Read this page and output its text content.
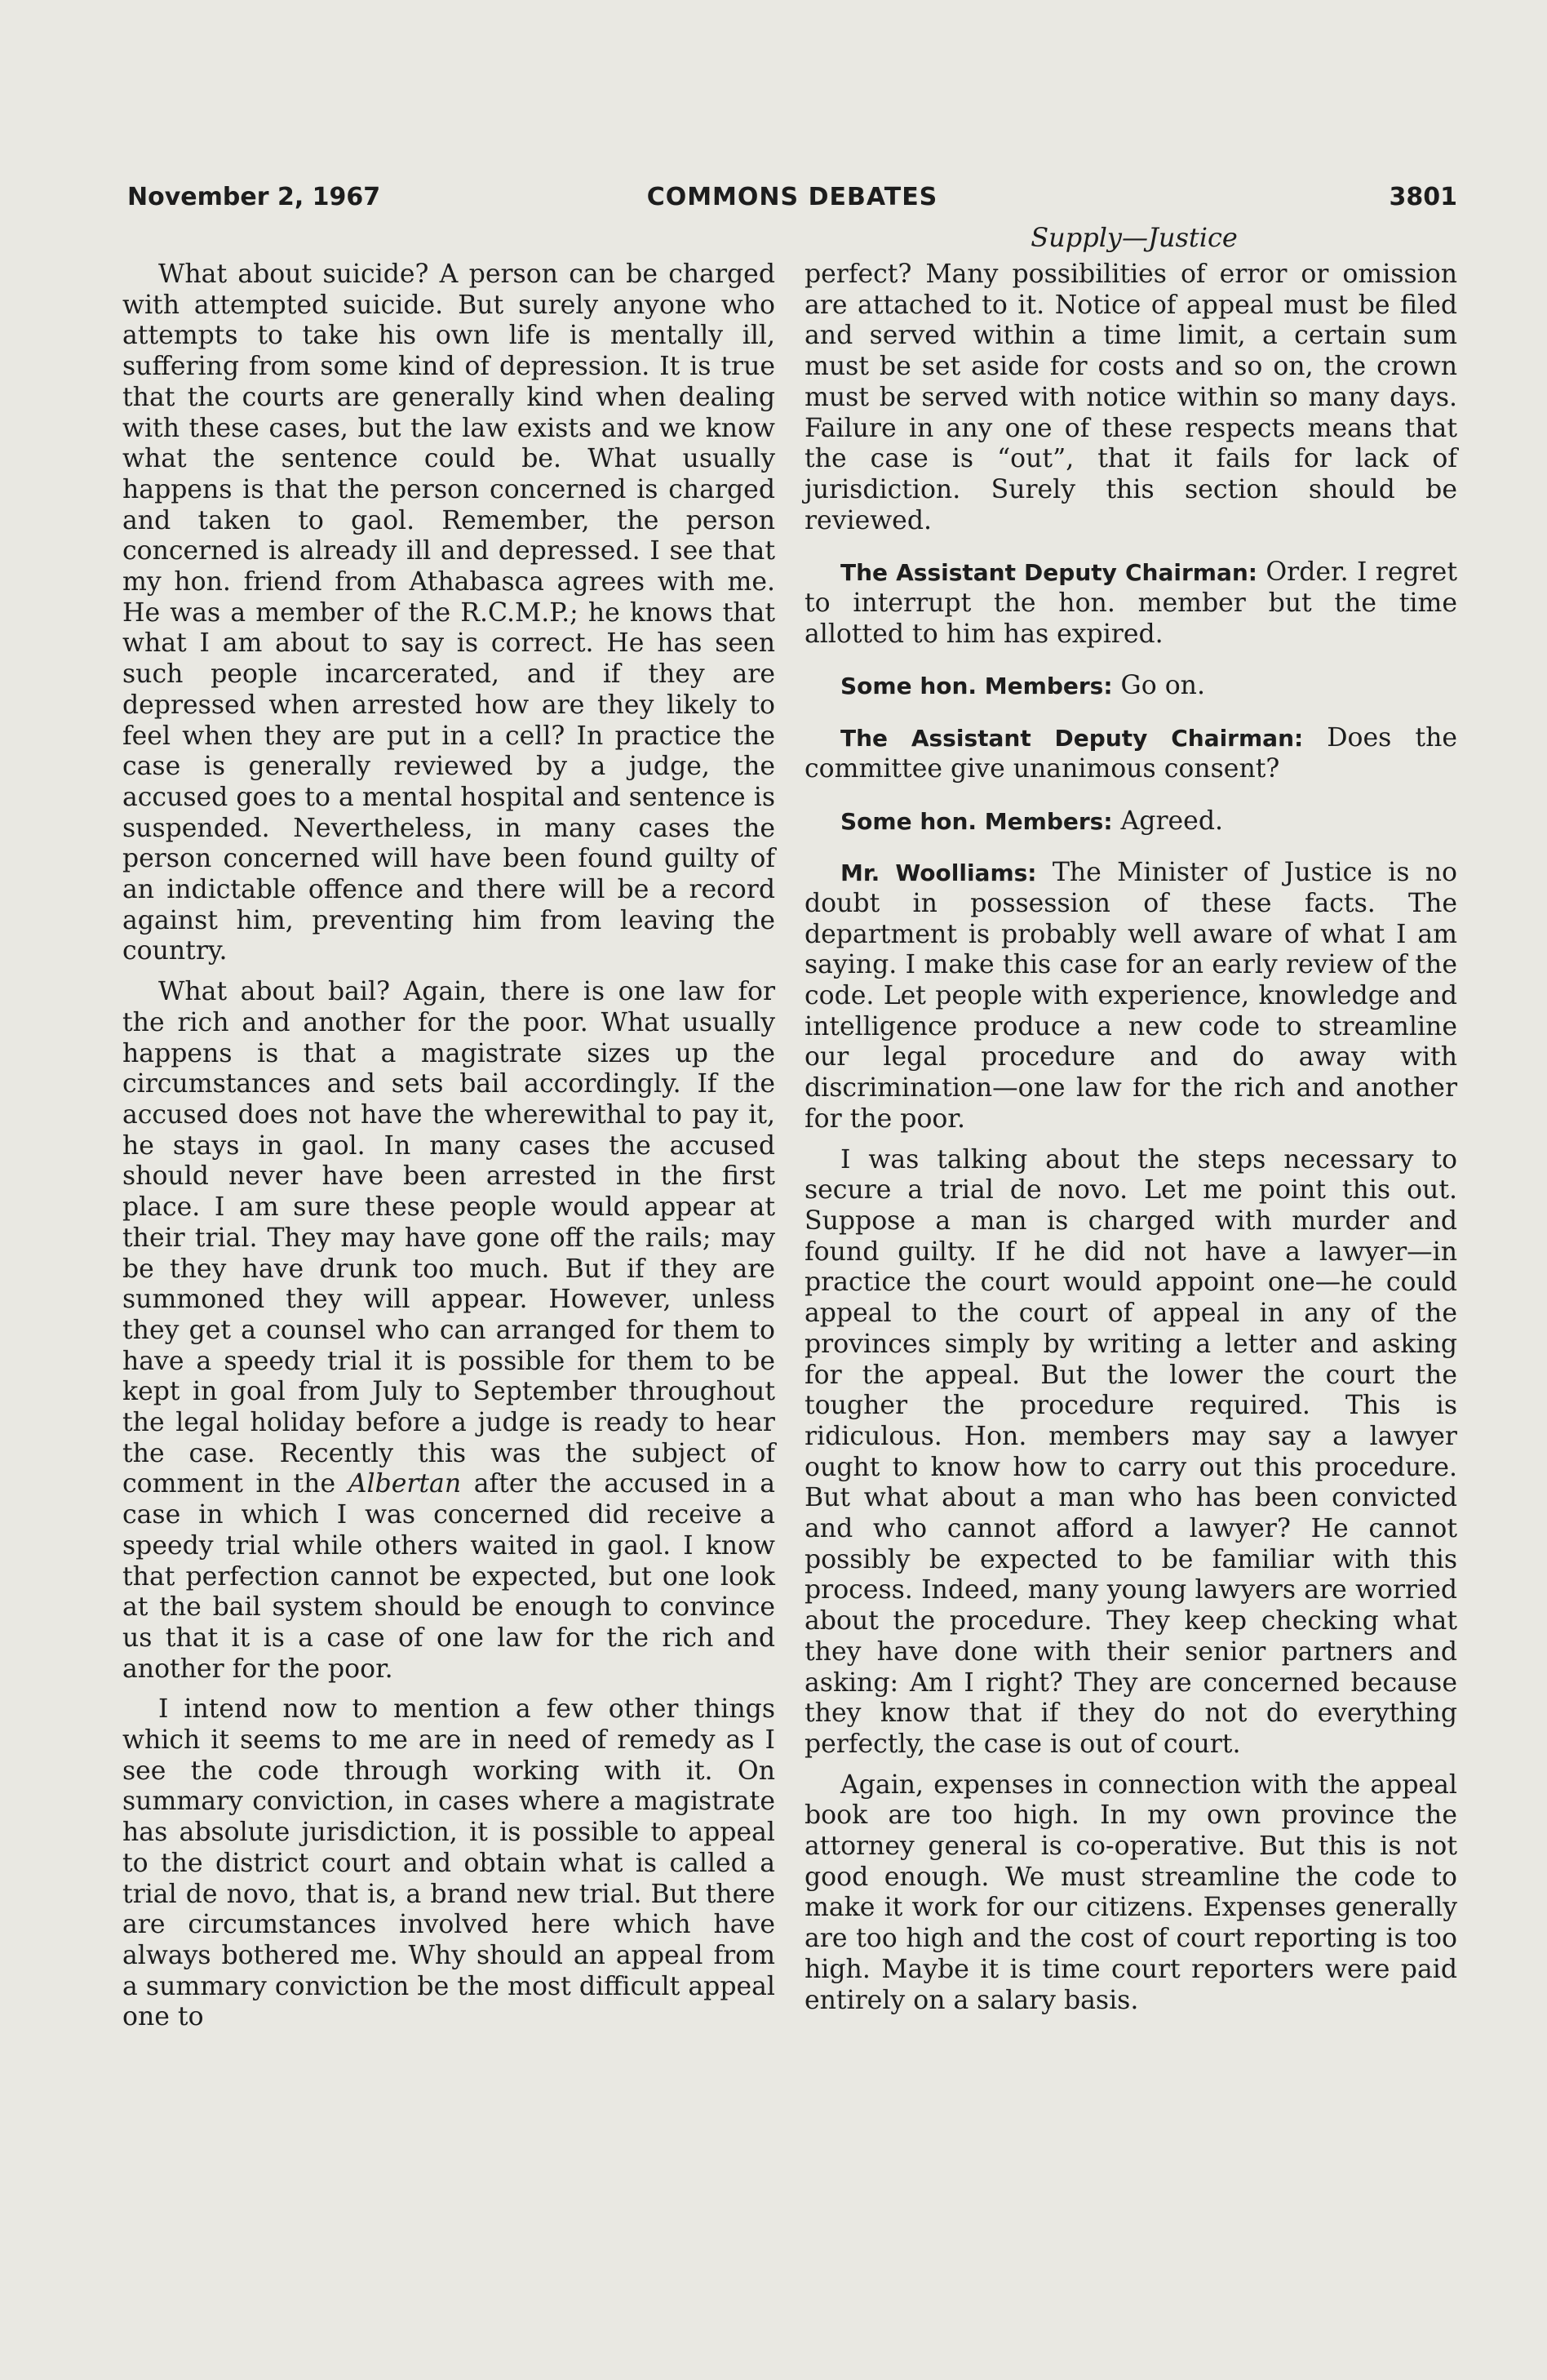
November 2, 1967	COMMONS DEBATES	3801
Supply—Justice

What about suicide? A person can be charged with attempted suicide. But surely anyone who attempts to take his own life is mentally ill, suffering from some kind of depression. It is true that the courts are generally kind when dealing with these cases, but the law exists and we know what the sentence could be. What usually happens is that the person concerned is charged and taken to gaol. Remember, the person concerned is already ill and depressed. I see that my hon. friend from Athabasca agrees with me. He was a member of the R.C.M.P.; he knows that what I am about to say is correct. He has seen such people incarcerated, and if they are depressed when arrested how are they likely to feel when they are put in a cell? In practice the case is generally reviewed by a judge, the accused goes to a mental hospital and sentence is suspended. Nevertheless, in many cases the person concerned will have been found guilty of an indictable offence and there will be a record against him, preventing him from leaving the country.

What about bail? Again, there is one law for the rich and another for the poor. What usually happens is that a magistrate sizes up the circumstances and sets bail accordingly. If the accused does not have the wherewithal to pay it, he stays in gaol. In many cases the accused should never have been arrested in the first place. I am sure these people would appear at their trial. They may have gone off the rails; may be they have drunk too much. But if they are summoned they will appear. However, unless they get a counsel who can arranged for them to have a speedy trial it is possible for them to be kept in goal from July to September throughout the legal holiday before a judge is ready to hear the case. Recently this was the subject of comment in the Albertan after the accused in a case in which I was concerned did receive a speedy trial while others waited in gaol. I know that perfection cannot be expected, but one look at the bail system should be enough to convince us that it is a case of one law for the rich and another for the poor.

I intend now to mention a few other things which it seems to me are in need of remedy as I see the code through working with it. On summary conviction, in cases where a magistrate has absolute jurisdiction, it is possible to appeal to the district court and obtain what is called a trial de novo, that is, a brand new trial. But there are circumstances involved here which have always bothered me. Why should an appeal from a summary conviction be the most difficult appeal one to

perfect? Many possibilities of error or omission are attached to it. Notice of appeal must be filed and served within a time limit, a certain sum must be set aside for costs and so on, the crown must be served with notice within so many days. Failure in any one of these respects means that the case is “out”, that it fails for lack of jurisdiction. Surely this section should be reviewed.

The Assistant Deputy Chairman: Order. I regret to interrupt the hon. member but the time allotted to him has expired.

Some hon. Members: Go on.

The Assistant Deputy Chairman: Does the committee give unanimous consent?

Some hon. Members: Agreed.

Mr. Woolliams: The Minister of Justice is no doubt in possession of these facts. The department is probably well aware of what I am saying. I make this case for an early review of the code. Let people with experience, knowledge and intelligence produce a new code to streamline our legal procedure and do away with discrimination—one law for the rich and another for the poor.

I was talking about the steps necessary to secure a trial de novo. Let me point this out. Suppose a man is charged with murder and found guilty. If he did not have a lawyer—in practice the court would appoint one—he could appeal to the court of appeal in any of the provinces simply by writing a letter and asking for the appeal. But the lower the court the tougher the procedure required. This is ridiculous. Hon. members may say a lawyer ought to know how to carry out this procedure. But what about a man who has been convicted and who cannot afford a lawyer? He cannot possibly be expected to be familiar with this process. Indeed, many young lawyers are worried about the procedure. They keep checking what they have done with their senior partners and asking: Am I right? They are concerned because they know that if they do not do everything perfectly, the case is out of court.

Again, expenses in connection with the appeal book are too high. In my own province the attorney general is co-operative. But this is not good enough. We must streamline the code to make it work for our citizens. Expenses generally are too high and the cost of court reporting is too high. Maybe it is time court reporters were paid entirely on a salary basis.
